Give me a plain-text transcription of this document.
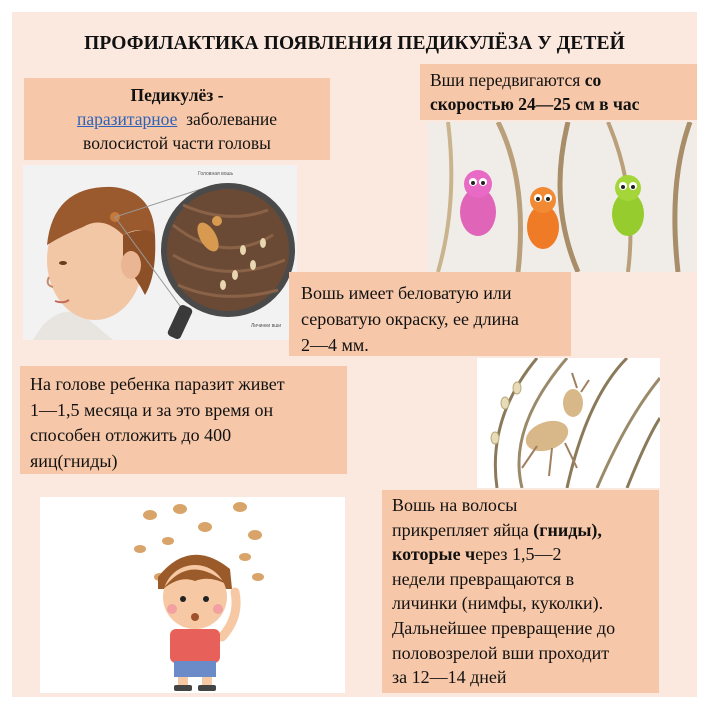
ПРОФИЛАКТИКА ПОЯВЛЕНИЯ ПЕДИКУЛЁЗА У ДЕТЕЙ
Педикулёз -
паразитарное заболевание
волосистой части головы
Вши передвигаются со
скоростью 24—25 см в час
Головная вошь
Личинки вши
Вошь имеет беловатую или
сероватую окраску, ее длина
2—4 мм.
На голове ребенка паразит живет
1—1,5 месяца и за это время он
способен отложить до 400
яиц(гниды)
Вошь на волосы
прикрепляет яйца (гниды),
которые через 1,5—2
недели превращаются в
личинки (нимфы, куколки).
Дальнейшее превращение до
половозрелой вши проходит
за 12—14 дней
